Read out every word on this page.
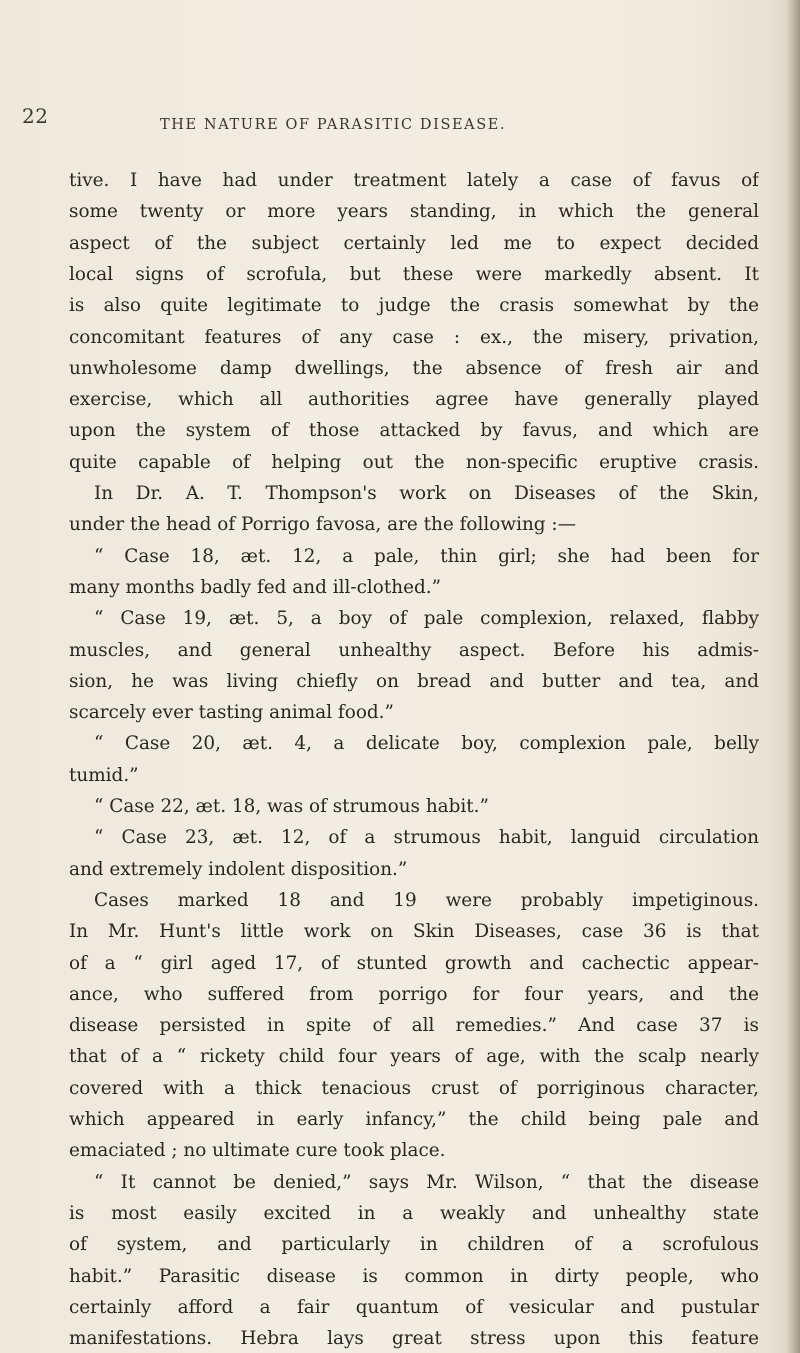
22	THE NATURE OF PARASITIC DISEASE.
tive. I have had under treatment lately a case of favus of
some twenty or more years standing, in which the general
aspect of the subject certainly led me to expect decided
local signs of scrofula, but these were markedly absent. It
is also quite legitimate to judge the crasis somewhat by the
concomitant features of any case : ex., the misery, privation,
unwholesome damp dwellings, the absence of fresh air and
exercise, which all authorities agree have generally played
upon the system of those attacked by favus, and which are
quite capable of helping out the non-specific eruptive crasis.
In Dr. A. T. Thompson's work on Diseases of the Skin,
under the head of Porrigo favosa, are the following :—
“ Case 18, æt. 12, a pale, thin girl; she had been for
many months badly fed and ill-clothed.”
“ Case 19, æt. 5, a boy of pale complexion, relaxed, flabby
muscles, and general unhealthy aspect. Before his admis-
sion, he was living chiefly on bread and butter and tea, and
scarcely ever tasting animal food.”
“ Case 20, æt. 4, a delicate boy, complexion pale, belly
tumid.”
“ Case 22, æt. 18, was of strumous habit.”
“ Case 23, æt. 12, of a strumous habit, languid circulation
and extremely indolent disposition.”
Cases marked 18 and 19 were probably impetiginous.
In Mr. Hunt's little work on Skin Diseases, case 36 is that
of a “ girl aged 17, of stunted growth and cachectic appear-
ance, who suffered from porrigo for four years, and the
disease persisted in spite of all remedies.” And case 37 is
that of a “ rickety child four years of age, with the scalp nearly
covered with a thick tenacious crust of porriginous character,
which appeared in early infancy,” the child being pale and
emaciated ; no ultimate cure took place.
“ It cannot be denied,” says Mr. Wilson, “ that the disease
is most easily excited in a weakly and unhealthy state
of system, and particularly in children of a scrofulous
habit.” Parasitic disease is common in dirty people, who
certainly afford a fair quantum of vesicular and pustular
manifestations. Hebra lays great stress upon this feature
